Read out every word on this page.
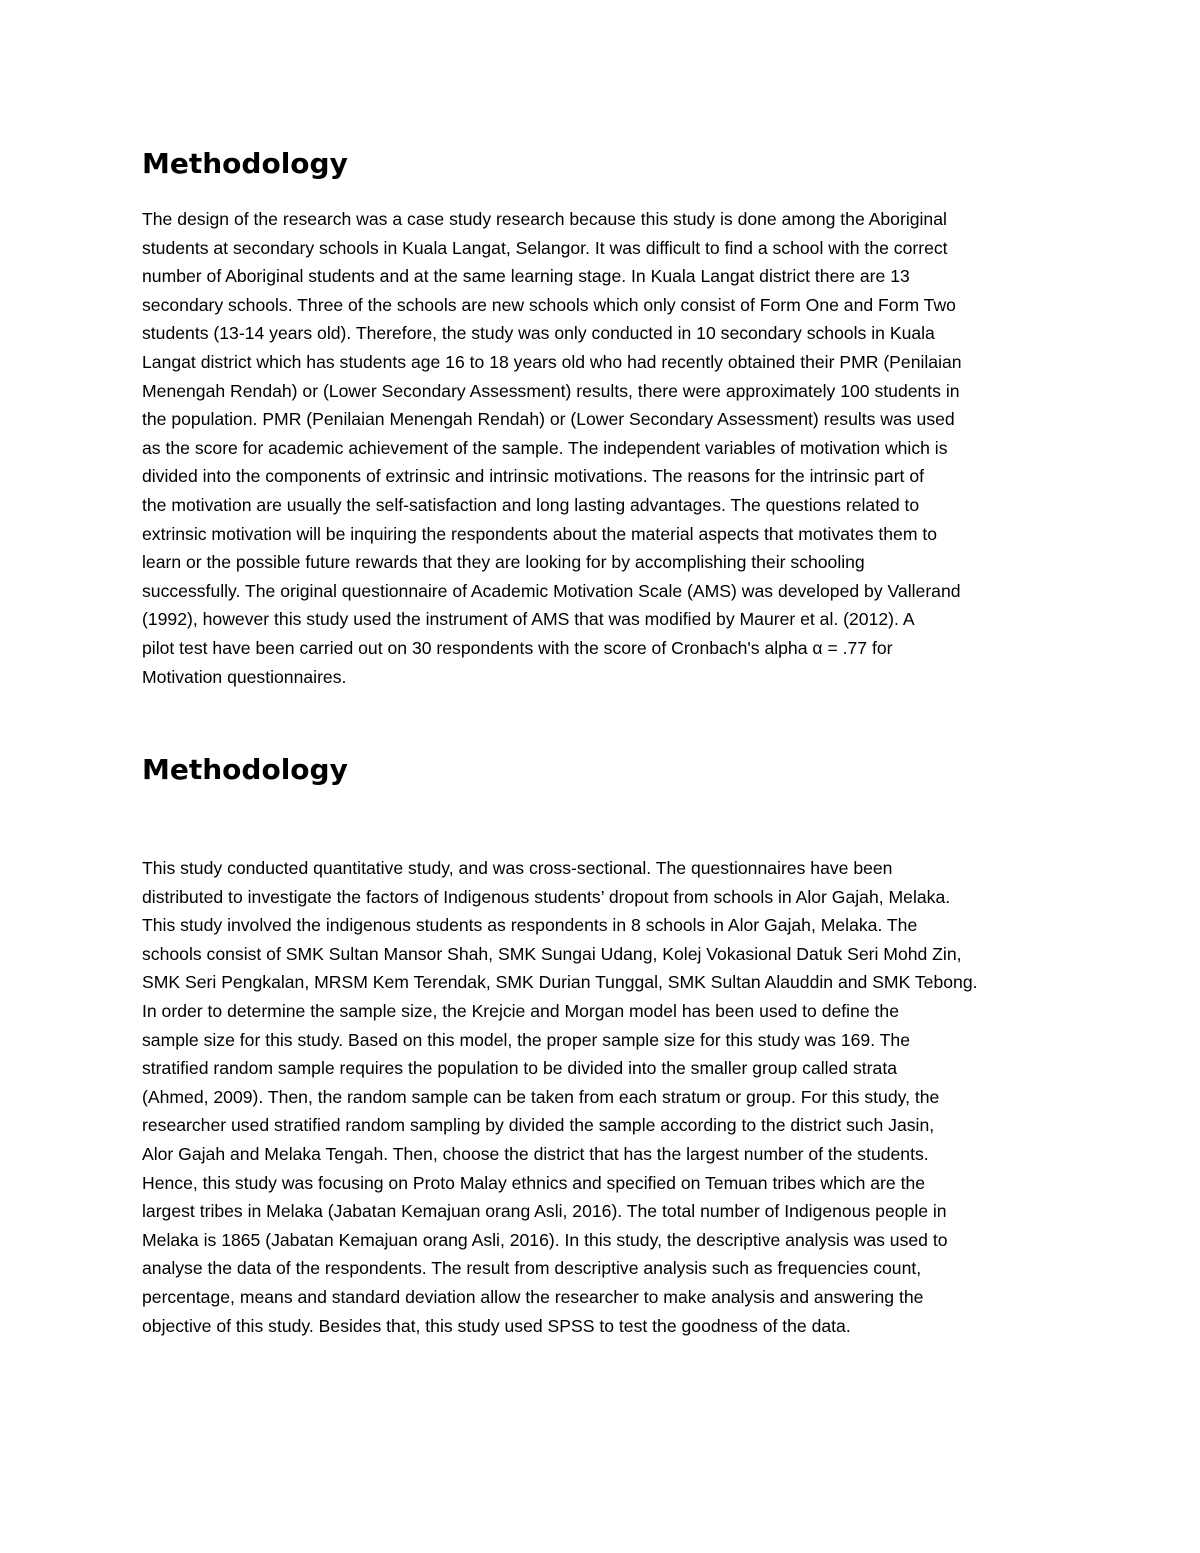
Methodology

The design of the research was a case study research because this study is done among the Aboriginal
students at secondary schools in Kuala Langat, Selangor. It was difficult to find a school with the correct
number of Aboriginal students and at the same learning stage. In Kuala Langat district there are 13
secondary schools. Three of the schools are new schools which only consist of Form One and Form Two
students (13-14 years old). Therefore, the study was only conducted in 10 secondary schools in Kuala
Langat district which has students age 16 to 18 years old who had recently obtained their PMR (Penilaian
Menengah Rendah) or (Lower Secondary Assessment) results, there were approximately 100 students in
the population. PMR (Penilaian Menengah Rendah) or (Lower Secondary Assessment) results was used
as the score for academic achievement of the sample. The independent variables of motivation which is
divided into the components of extrinsic and intrinsic motivations. The reasons for the intrinsic part of
the motivation are usually the self-satisfaction and long lasting advantages. The questions related to
extrinsic motivation will be inquiring the respondents about the material aspects that motivates them to
learn or the possible future rewards that they are looking for by accomplishing their schooling
successfully. The original questionnaire of Academic Motivation Scale (AMS) was developed by Vallerand
(1992), however this study used the instrument of AMS that was modified by Maurer et al. (2012). A
pilot test have been carried out on 30 respondents with the score of Cronbach's alpha α = .77 for
Motivation questionnaires.

Methodology

This study conducted quantitative study, and was cross-sectional. The questionnaires have been
distributed to investigate the factors of Indigenous students’ dropout from schools in Alor Gajah, Melaka.
This study involved the indigenous students as respondents in 8 schools in Alor Gajah, Melaka. The
schools consist of SMK Sultan Mansor Shah, SMK Sungai Udang, Kolej Vokasional Datuk Seri Mohd Zin,
SMK Seri Pengkalan, MRSM Kem Terendak, SMK Durian Tunggal, SMK Sultan Alauddin and SMK Tebong.
In order to determine the sample size, the Krejcie and Morgan model has been used to define the
sample size for this study. Based on this model, the proper sample size for this study was 169. The
stratified random sample requires the population to be divided into the smaller group called strata
(Ahmed, 2009). Then, the random sample can be taken from each stratum or group. For this study, the
researcher used stratified random sampling by divided the sample according to the district such Jasin,
Alor Gajah and Melaka Tengah. Then, choose the district that has the largest number of the students.
Hence, this study was focusing on Proto Malay ethnics and specified on Temuan tribes which are the
largest tribes in Melaka (Jabatan Kemajuan orang Asli, 2016). The total number of Indigenous people in
Melaka is 1865 (Jabatan Kemajuan orang Asli, 2016). In this study, the descriptive analysis was used to
analyse the data of the respondents. The result from descriptive analysis such as frequencies count,
percentage, means and standard deviation allow the researcher to make analysis and answering the
objective of this study. Besides that, this study used SPSS to test the goodness of the data.
